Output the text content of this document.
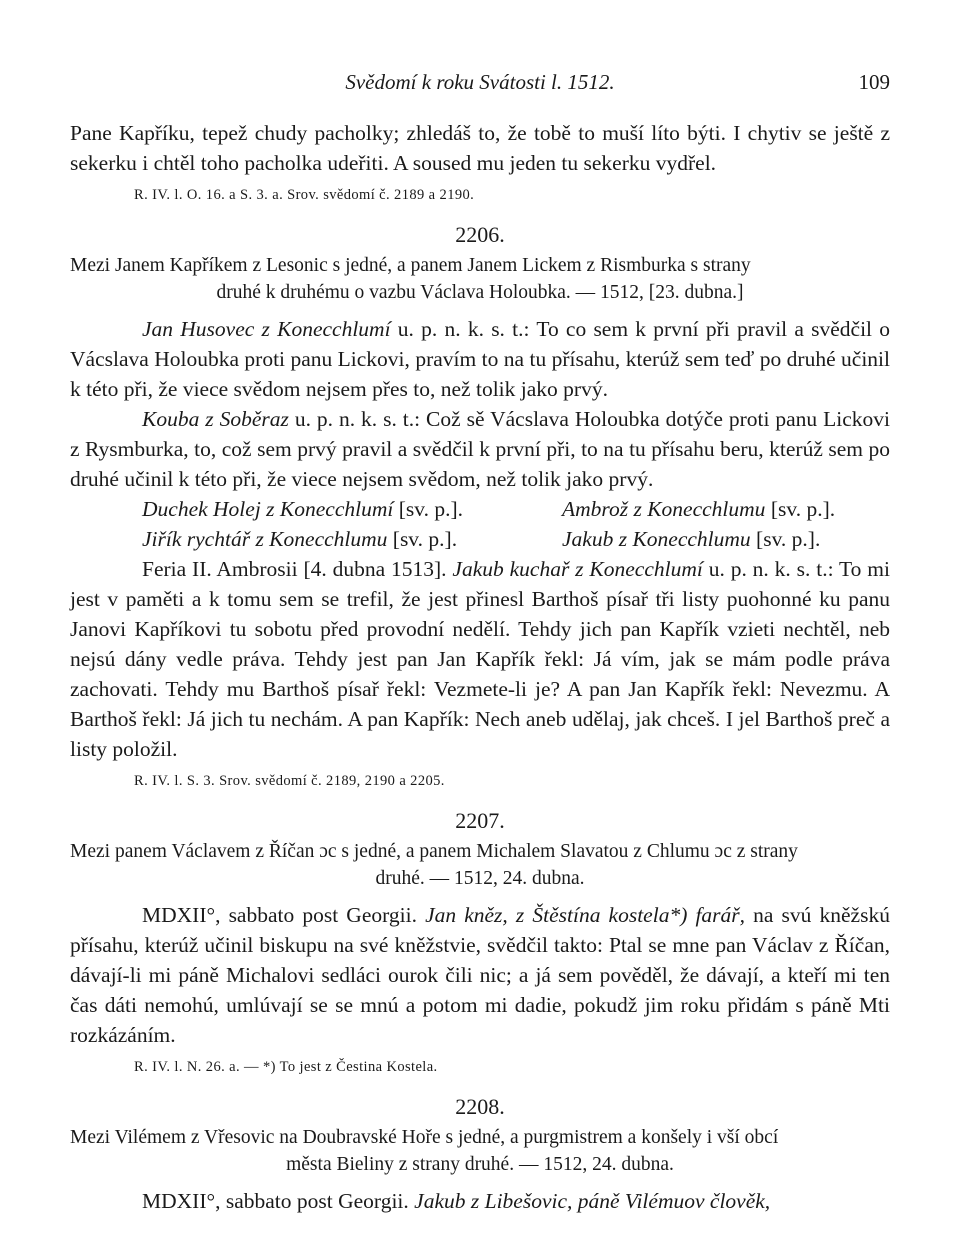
Svědomí k roku Svátosti l. 1512.	109

Pane Kapříku, tepež chudy pacholky; zhledáš to, že tobě to muší líto býti. I chytiv se ještě z sekerku i chtěl toho pacholka udeřiti. A soused mu jeden tu sekerku vydřel.

R. IV. l. O. 16. a S. 3. a. Srov. svědomí č. 2189 a 2190.
2206.
Mezi Janem Kapříkem z Lesonic s jedné, a panem Janem Lickem z Rismburka s strany
druhé k druhému o vazbu Václava Holoubka. — 1512, [23. dubna.]

Jan Husovec z Konecchlumí u. p. n. k. s. t.: To co sem k první při pravil a svědčil o Vácslava Holoubka proti panu Lickovi, pravím to na tu přísahu, kterúž sem teď po druhé učinil k této při, že viece svědom nejsem přes to, než tolik jako prvý.

Kouba z Soběraz u. p. n. k. s. t.: Což sě Vácslava Holoubka dotýče proti panu Lickovi z Rysmburka, to, což sem prvý pravil a svědčil k první při, to na tu přísahu beru, kterúž sem po druhé učinil k této při, že viece nejsem svědom, než tolik jako prvý.

Duchek Holej z Konecchlumí [sv. p.].	Ambrož z Konecchlumu [sv. p.].
Jiřík rychtář z Konecchlumu [sv. p.].	Jakub z Konecchlumu [sv. p.].

Feria II. Ambrosii [4. dubna 1513]. Jakub kuchař z Konecchlumí u. p. n. k. s. t.: To mi jest v paměti a k tomu sem se trefil, že jest přinesl Barthoš písař tři listy puohonné ku panu Janovi Kapříkovi tu sobotu před provodní nedělí. Tehdy jich pan Kapřík vzieti nechtěl, neb nejsú dány vedle práva. Tehdy jest pan Jan Kapřík řekl: Já vím, jak se mám podle práva zachovati. Tehdy mu Barthoš písař řekl: Vezmete-li je? A pan Jan Kapřík řekl: Nevezmu. A Barthoš řekl: Já jich tu nechám. A pan Kapřík: Nech aneb udělaj, jak chceš. I jel Barthoš preč a listy položil.

R. IV. l. S. 3. Srov. svědomí č. 2189, 2190 a 2205.
2207.
Mezi panem Václavem z Říčan ɔc s jedné, a panem Michalem Slavatou z Chlumu ɔc z strany
druhé. — 1512, 24. dubna.

MDXII°, sabbato post Georgii. Jan kněz, z Štěstína kostela*) farář, na svú kněžskú přísahu, kterúž učinil biskupu na své kněžstvie, svědčil takto: Ptal se mne pan Václav z Říčan, dávají-li mi páně Michalovi sedláci ourok čili nic; a já sem pověděl, že dávají, a kteří mi ten čas dáti nemohú, umlúvají se se mnú a potom mi dadie, pokudž jim roku přidám s páně Mti rozkázáním.

R. IV. l. N. 26. a. — *) To jest z Čestina Kostela.
2208.
Mezi Vilémem z Vřesovic na Doubravské Hoře s jedné, a purgmistrem a konšely i vší obcí
města Bieliny z strany druhé. — 1512, 24. dubna.

MDXII°, sabbato post Georgii. Jakub z Libešovic, páně Vilémuov člověk,
